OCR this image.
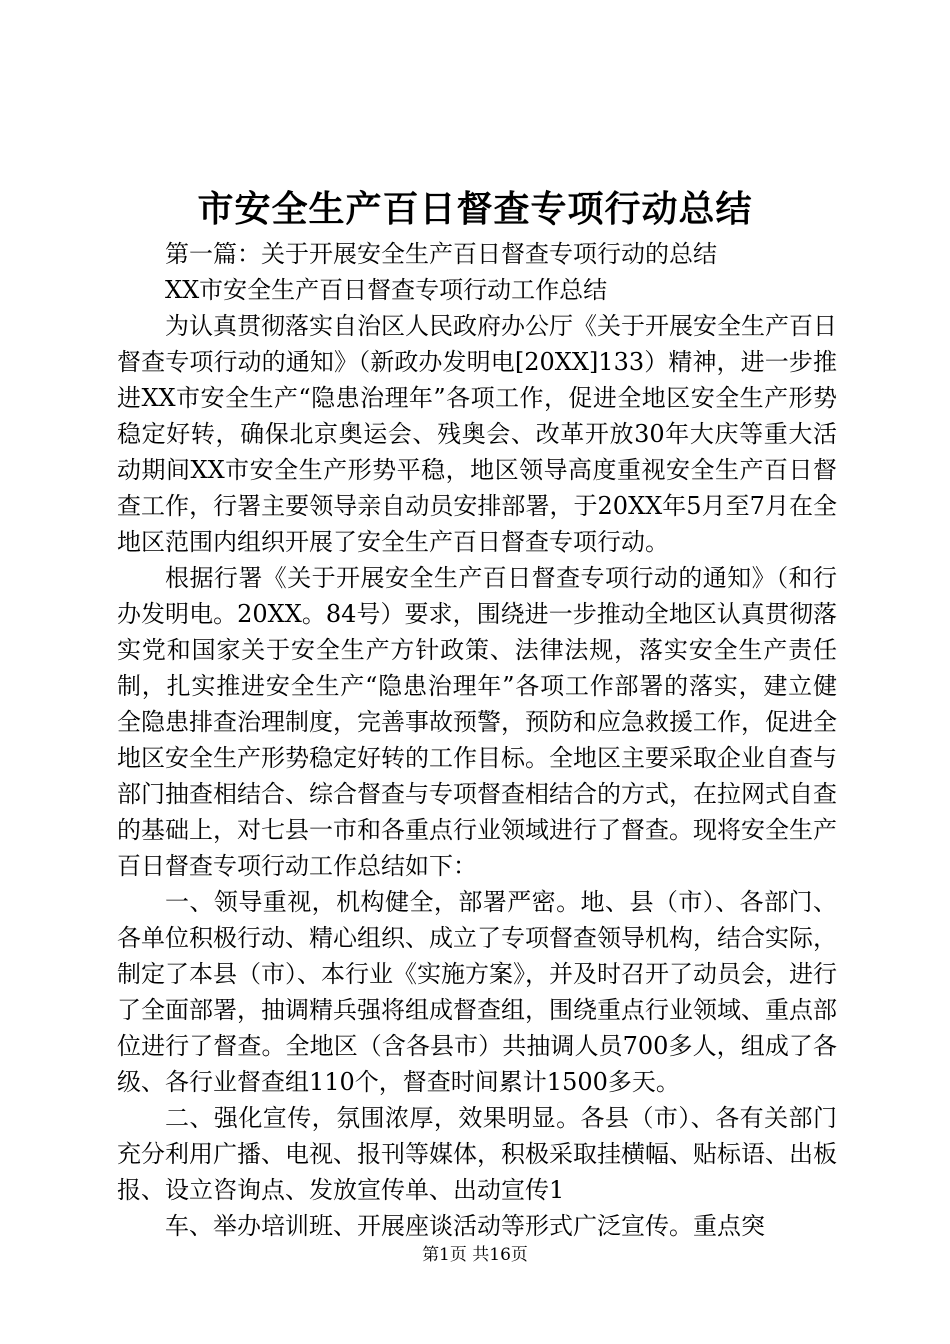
市安全生产百日督查专项行动总结

第一篇：关于开展安全生产百日督查专项行动的总结

XX市安全生产百日督查专项行动工作总结

为认真贯彻落实自治区人民政府办公厅《关于开展安全生产百日督查专项行动的通知》（新政办发明电[20XX]133）精神，进一步推进XX市安全生产“隐患治理年”各项工作，促进全地区安全生产形势稳定好转，确保北京奥运会、残奥会、改革开放30年大庆等重大活动期间XX市安全生产形势平稳，地区领导高度重视安全生产百日督查工作，行署主要领导亲自动员安排部署，于20XX年5月至7月在全地区范围内组织开展了安全生产百日督查专项行动。

根据行署《关于开展安全生产百日督查专项行动的通知》（和行办发明电。20XX。84号）要求，围绕进一步推动全地区认真贯彻落实党和国家关于安全生产方针政策、法律法规，落实安全生产责任制，扎实推进安全生产“隐患治理年”各项工作部署的落实，建立健全隐患排查治理制度，完善事故预警，预防和应急救援工作，促进全地区安全生产形势稳定好转的工作目标。全地区主要采取企业自查与部门抽查相结合、综合督查与专项督查相结合的方式，在拉网式自查的基础上，对七县一市和各重点行业领域进行了督查。现将安全生产百日督查专项行动工作总结如下：

一、领导重视，机构健全，部署严密。地、县（市）、各部门、各单位积极行动、精心组织、成立了专项督查领导机构，结合实际，制定了本县（市）、本行业《实施方案》，并及时召开了动员会，进行了全面部署，抽调精兵强将组成督查组，围绕重点行业领域、重点部位进行了督查。全地区（含各县市）共抽调人员700多人，组成了各级、各行业督查组110个，督查时间累计1500多天。

二、强化宣传，氛围浓厚，效果明显。各县（市）、各有关部门充分利用广播、电视、报刊等媒体，积极采取挂横幅、贴标语、出板报、设立咨询点、发放宣传单、出动宣传1

车、举办培训班、开展座谈活动等形式广泛宣传。重点突

第1页 共16页
